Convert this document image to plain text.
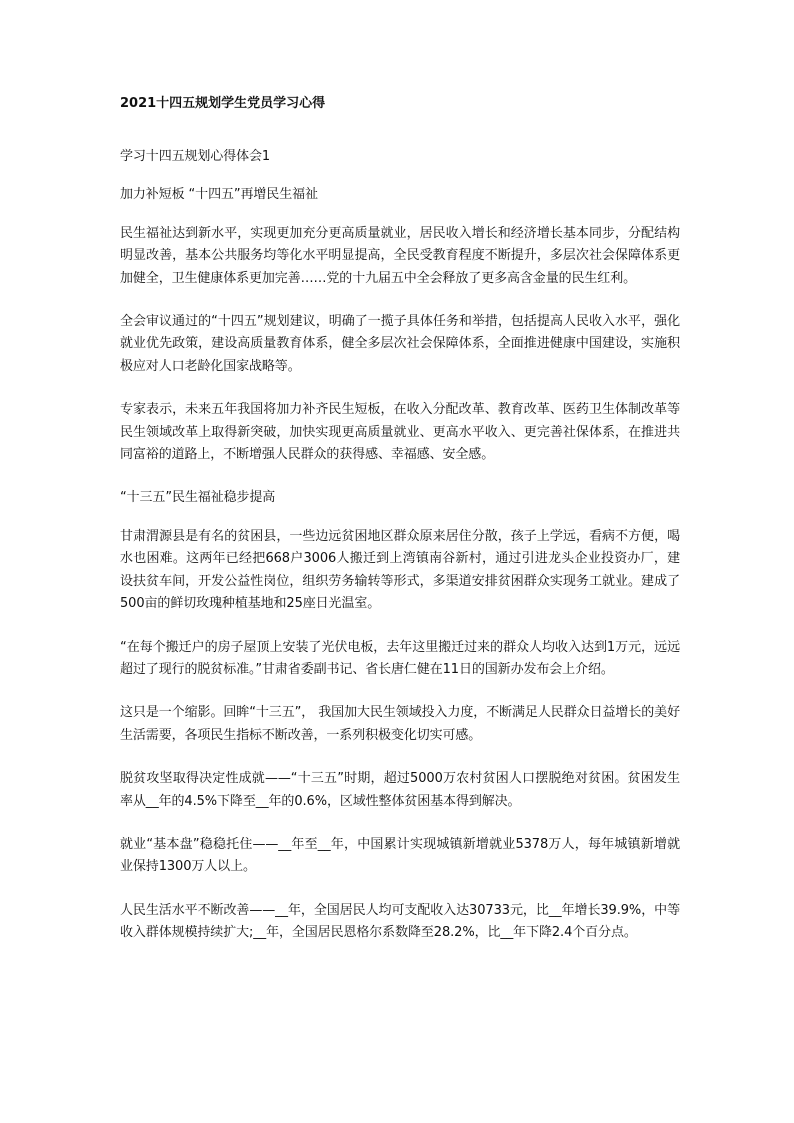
2021十四五规划学生党员学习心得
学习十四五规划心得体会1
加力补短板 “十四五”再增民生福祉
民生福祉达到新水平，实现更加充分更高质量就业，居民收入增长和经济增长基本同步，分配结构明显改善，基本公共服务均等化水平明显提高，全民受教育程度不断提升，多层次社会保障体系更加健全，卫生健康体系更加完善……党的十九届五中全会释放了更多高含金量的民生红利。
全会审议通过的“十四五”规划建议，明确了一揽子具体任务和举措，包括提高人民收入水平，强化就业优先政策，建设高质量教育体系，健全多层次社会保障体系，全面推进健康中国建设，实施积极应对人口老龄化国家战略等。
专家表示，未来五年我国将加力补齐民生短板，在收入分配改革、教育改革、医药卫生体制改革等民生领域改革上取得新突破，加快实现更高质量就业、更高水平收入、更完善社保体系，在推进共同富裕的道路上，不断增强人民群众的获得感、幸福感、安全感。
“十三五”民生福祉稳步提高
甘肃渭源县是有名的贫困县，一些边远贫困地区群众原来居住分散，孩子上学远，看病不方便，喝水也困难。这两年已经把668户3006人搬迁到上湾镇南谷新村，通过引进龙头企业投资办厂，建设扶贫车间，开发公益性岗位，组织劳务输转等形式，多渠道安排贫困群众实现务工就业。建成了500亩的鲜切玫瑰种植基地和25座日光温室。
“在每个搬迁户的房子屋顶上安装了光伏电板，去年这里搬迁过来的群众人均收入达到1万元，远远超过了现行的脱贫标准。”甘肃省委副书记、省长唐仁健在11日的国新办发布会上介绍。
这只是一个缩影。回眸“十三五”， 我国加大民生领域投入力度，不断满足人民群众日益增长的美好生活需要，各项民生指标不断改善，一系列积极变化切实可感。
脱贫攻坚取得决定性成就——“十三五”时期，超过5000万农村贫困人口摆脱绝对贫困。贫困发生率从__年的4.5%下降至__年的0.6%，区域性整体贫困基本得到解决。
就业“基本盘”稳稳托住——__年至__年，中国累计实现城镇新增就业5378万人，每年城镇新增就业保持1300万人以上。
人民生活水平不断改善——__年，全国居民人均可支配收入达30733元，比__年增长39.9%，中等收入群体规模持续扩大;__年，全国居民恩格尔系数降至28.2%，比__年下降2.4个百分点。
